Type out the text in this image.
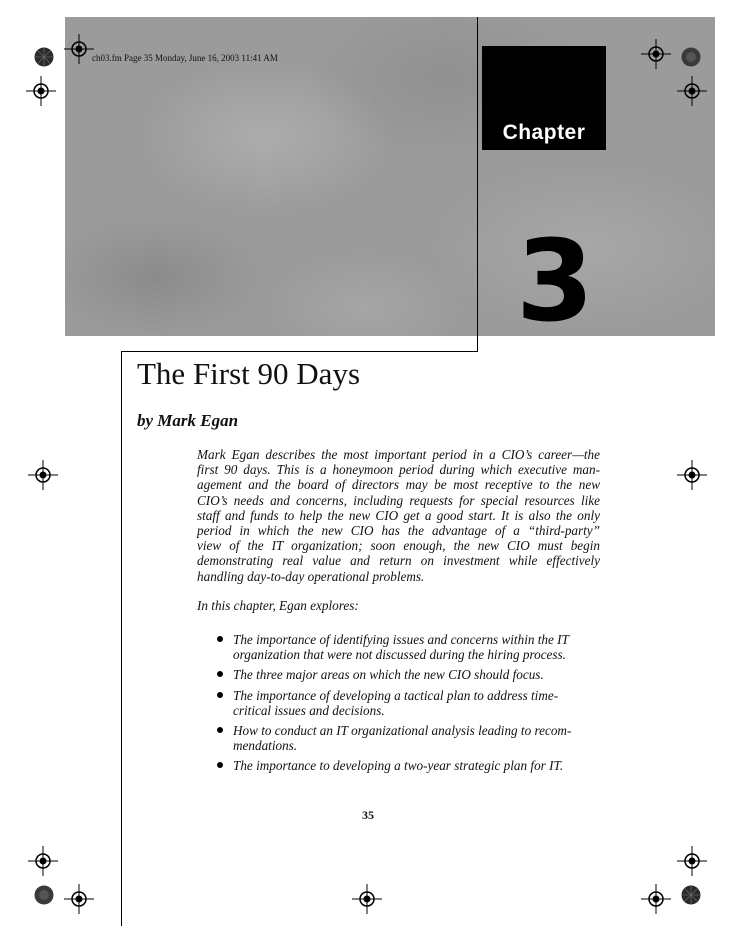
ch03.fm Page 35 Monday, June 16, 2003 11:41 AM
Chapter
3
The First 90 Days
by Mark Egan
Mark Egan describes the most important period in a CIO’s career—the
first 90 days. This is a honeymoon period during which executive man-
agement and the board of directors may be most receptive to the new
CIO’s needs and concerns, including requests for special resources like
staff and funds to help the new CIO get a good start. It is also the only
period in which the new CIO has the advantage of a “third-party”
view of the IT organization; soon enough, the new CIO must begin
demonstrating real value and return on investment while effectively
handling day-to-day operational problems.

In this chapter, Egan explores:

The importance of identifying issues and concerns within the IT
organization that were not discussed during the hiring process.
The three major areas on which the new CIO should focus.
The importance of developing a tactical plan to address time-
critical issues and decisions.
How to conduct an IT organizational analysis leading to recom-
mendations.
The importance to developing a two-year strategic plan for IT.
35
